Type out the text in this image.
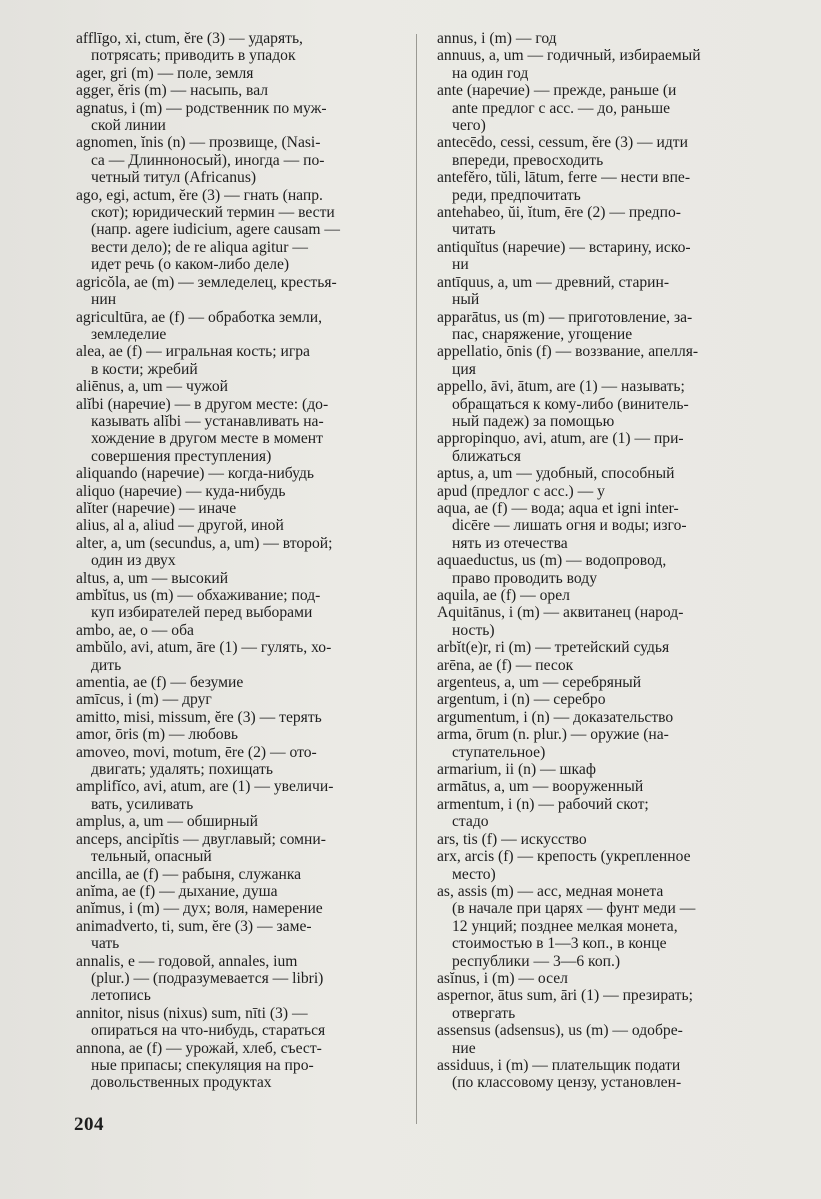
afflīgo, xi, ctum, ĕre (3) — ударять,
потрясать; приводить в упадок

ager, gri (m) — поле, земля

agger, ĕris (m) — насыпь, вал

agnatus, i (m) — родственник по муж-
ской линии

agnomen, ĭnis (n) — прозвище, (Nasi-
ca — Длинноносый), иногда — по-
четный титул (Africanus)

ago, egi, actum, ĕre (3) — гнать (напр.
скот); юридический термин — вести
(напр. agere iudicium, agere causam —
вести дело); de re aliqua agitur —
идет речь (о каком-либо деле)

agricŏla, ae (m) — земледелец, крестья-
нин

agricultūra, ae (f) — обработка земли,
земледелие

alea, ae (f) — игральная кость; игра
в кости; жребий

aliēnus, a, um — чужой

alĭbi (наречие) — в другом месте: (до-
казывать alĭbi — устанавливать на-
хождение в другом месте в момент
совершения преступления)

aliquando (наречие) — когда-нибудь

aliquo (наречие) — куда-нибудь

alĭter (наречие) — иначе

alius, al a, aliud — другой, иной

alter, a, um (secundus, a, um) — второй;
один из двух

altus, a, um — высокий

ambĭtus, us (m) — обхаживание; под-
куп избирателей перед выборами

ambo, ae, o — оба

ambŭlo, avi, atum, āre (1) — гулять, хо-
дить

amentia, ae (f) — безумие

amīcus, i (m) — друг

amitto, misi, missum, ĕre (3) — терять

amor, ōris (m) — любовь

amoveo, movi, motum, ēre (2) — ото-
двигать; удалять; похищать

amplifĭco, avi, atum, are (1) — увеличи-
вать, усиливать

amplus, a, um — обширный

anceps, ancipĭtis — двуглавый; сомни-
тельный, опасный

ancilla, ae (f) — рабыня, служанка

anĭma, ae (f) — дыхание, душа

anĭmus, i (m) — дух; воля, намерение

animadverto, ti, sum, ĕre (3) — заме-
чать

annalis, e — годовой, annales, ium
(plur.) — (подразумевается — libri)
летопись

annitor, nisus (nixus) sum, nīti (3) —
опираться на что-нибудь, стараться

annona, ae (f) — урожай, хлеб, съест-
ные припасы; спекуляция на про-
довольственных продуктах

annus, i (m) — год

annuus, a, um — годичный, избираемый
на один год

ante (наречие) — прежде, раньше (и
ante предлог с acc. — до, раньше
чего)

antecēdo, cessi, cessum, ĕre (3) — идти
впереди, превосходить

antefĕro, tŭli, lātum, ferre — нести впе-
реди, предпочитать

antehabeo, ŭi, ĭtum, ēre (2) — предпо-
читать

antiquĭtus (наречие) — встарину, иско-
ни

antīquus, a, um — древний, старин-
ный

apparātus, us (m) — приготовление, за-
пас, снаряжение, угощение

appellatio, ōnis (f) — воззвание, апелля-
ция

appello, āvi, ātum, are (1) — называть;
обращаться к кому-либо (винитель-
ный падеж) за помощью

appropinquo, avi, atum, are (1) — при-
ближаться

aptus, a, um — удобный, способный

apud (предлог с acc.) — у

aqua, ae (f) — вода; aqua et igni inter-
dicēre — лишать огня и воды; изго-
нять из отечества

aquaeductus, us (m) — водопровод,
право проводить воду

aquila, ae (f) — орел

Aquitānus, i (m) — аквитанец (народ-
ность)

arbĭt(e)r, ri (m) — третейский судья

arēna, ae (f) — песок

argenteus, a, um — серебряный

argentum, i (n) — серебро

argumentum, i (n) — доказательство

arma, ōrum (n. plur.) — оружие (на-
ступательное)

armarium, ii (n) — шкаф

armātus, a, um — вооруженный

armentum, i (n) — рабочий скот;
стадо

ars, tis (f) — искусство

arx, arcis (f) — крепость (укрепленное
место)

as, assis (m) — асс, медная монета
(в начале при царях — фунт меди —
12 унций; позднее мелкая монета,
стоимостью в 1—3 коп., в конце
республики — 3—6 коп.)

asĭnus, i (m) — осел

aspernor, ātus sum, āri (1) — презирать;
отвергать

assensus (adsensus), us (m) — одобре-
ние

assiduus, i (m) — плательщик подати
(по классовому цензу, установлен-

204
